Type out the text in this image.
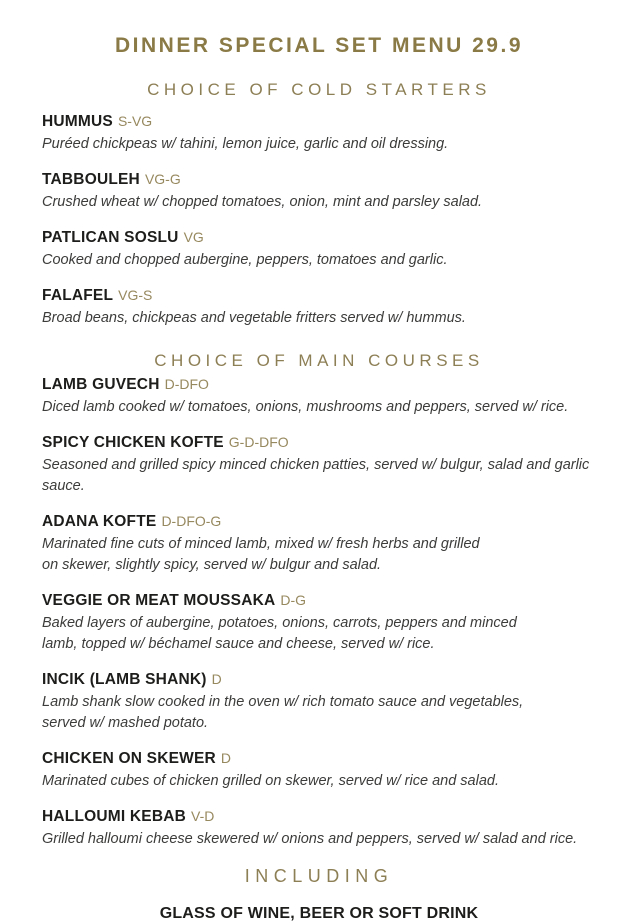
DINNER SPECIAL SET MENU 29.9
CHOICE OF COLD STARTERS
HUMMUS S-VG
Puréed chickpeas w/ tahini, lemon juice, garlic and oil dressing.
TABBOULEH VG-G
Crushed wheat w/ chopped tomatoes, onion, mint and parsley salad.
PATLICAN SOSLU VG
Cooked and chopped aubergine, peppers, tomatoes and garlic.
FALAFEL VG-S
Broad beans, chickpeas and vegetable fritters served w/ hummus.
CHOICE OF MAIN COURSES
LAMB GUVECH D-DFO
Diced lamb cooked w/ tomatoes, onions, mushrooms and peppers, served w/ rice.
SPICY CHICKEN KOFTE G-D-DFO
Seasoned and grilled spicy minced chicken patties, served w/ bulgur, salad and garlic sauce.
ADANA KOFTE D-DFO-G
Marinated fine cuts of minced lamb, mixed w/ fresh herbs and grilled
on skewer, slightly spicy, served w/ bulgur and salad.
VEGGIE OR MEAT MOUSSAKA D-G
Baked layers of aubergine, potatoes, onions, carrots, peppers and minced
lamb, topped w/ béchamel sauce and cheese, served w/ rice.
INCIK (LAMB SHANK) D
Lamb shank slow cooked in the oven w/ rich tomato sauce and vegetables,
served w/ mashed potato.
CHICKEN ON SKEWER D
Marinated cubes of chicken grilled on skewer, served w/ rice and salad.
HALLOUMI KEBAB V-D
Grilled halloumi cheese skewered w/ onions and peppers, served w/ salad and rice.
INCLUDING
GLASS OF WINE, BEER OR SOFT DRINK
